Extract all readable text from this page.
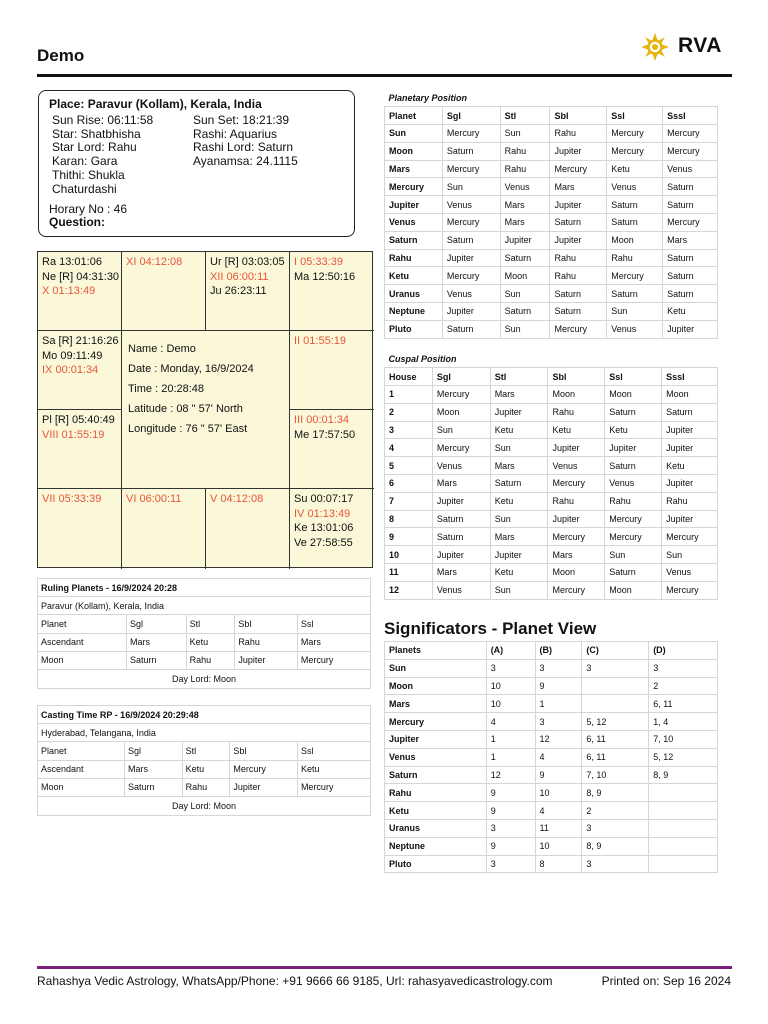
Demo	RVA
Place: Paravur (Kollam), Kerala, India
Sun Rise: 06:11:58
Star: Shatbhisha
Star Lord: Rahu
Karan: Gara
Thithi: Shukla
Chaturdashi
Sun Set: 18:21:39
Rashi: Aquarius
Rashi Lord: Saturn
Ayanamsa: 24.1115
Horary No : 46
Question:
Ra 13:01:06
Ne [R] 04:31:30
X 01:13:49
XI 04:12:08	Ur [R] 03:03:05
XII 06:00:11
Ju 26:23:11
I 05:33:39
Ma 12:50:16
Sa [R] 21:16:26
Mo 09:11:49
IX 00:01:34
II 01:55:19
Pl [R] 05:40:49
VIII 01:55:19
III 00:01:34
Me 17:57:50
VII 05:33:39 VI 06:00:11	V 04:12:08	Su 00:07:17
IV 01:13:49
Ke 13:01:06
Ve 27:58:55
Name : Demo
Date : Monday, 16/9/2024
Time : 20:28:48
Latitude : 08 " 57' North
Longitude : 76 " 57' East
Ruling Planets - 16/9/2024 20:28
Paravur (Kollam), Kerala, India
Planet	Sgl	Stl	Sbl	Ssl
Ascendant	Mars	Ketu	Rahu	Mars
Moon	Saturn	Rahu	Jupiter	Mercury
Day Lord: Moon
Casting Time RP - 16/9/2024 20:29:48
Hyderabad, Telangana, India
Planet	Sgl	Stl	Sbl	Ssl
Ascendant	Mars	Ketu	Mercury	Ketu
Moon	Saturn	Rahu	Jupiter	Mercury
Day Lord: Moon
Planetary Position					
Planet	Sgl	Stl	Sbl	Ssl	Sssl
Sun	Mercury	Sun	Rahu	Mercury	Mercury
Moon	Saturn	Rahu	Jupiter	Mercury	Mercury
Mars	Mercury	Rahu	Mercury	Ketu	Venus
Mercury	Sun	Venus	Mars	Venus	Saturn
Jupiter	Venus	Mars	Jupiter	Saturn	Saturn
Venus	Mercury	Mars	Saturn	Saturn	Mercury
Saturn	Saturn	Jupiter	Jupiter	Moon	Mars
Rahu	Jupiter	Saturn	Rahu	Rahu	Saturn
Ketu	Mercury	Moon	Rahu	Mercury	Saturn
Uranus	Venus	Sun	Saturn	Saturn	Saturn
Neptune	Jupiter	Saturn	Saturn	Sun	Ketu
Pluto	Saturn	Sun	Mercury	Venus	Jupiter
Cuspal Position					
House	Sgl	Stl	Sbl	Ssl	Sssl
1	Mercury	Mars	Moon	Moon	Moon
2	Moon	Jupiter	Rahu	Saturn	Saturn
3	Sun	Ketu	Ketu	Ketu	Jupiter
4	Mercury	Sun	Jupiter	Jupiter	Jupiter
5	Venus	Mars	Venus	Saturn	Ketu
6	Mars	Saturn	Mercury	Venus	Jupiter
7	Jupiter	Ketu	Rahu	Rahu	Rahu
8	Saturn	Sun	Jupiter	Mercury	Jupiter
9	Saturn	Mars	Mercury	Mercury	Mercury
10	Jupiter	Jupiter	Mars	Sun	Sun
11	Mars	Ketu	Moon	Saturn	Venus
12	Venus	Sun	Mercury	Moon	Mercury
Significators - Planet View
Planets	(A)	(B)	(C)	(D)
Sun	3	3	3	3
Moon	10	9		2
Mars	10	1		6, 11
Mercury	4	3	5, 12	1, 4
Jupiter	1	12	6, 11	7, 10
Venus	1	4	6, 11	5, 12
Saturn	12	9	7, 10	8, 9
Rahu	9	10	8, 9	
Ketu	9	4	2	
Uranus	3	11	3	
Neptune	9	10	8, 9	
Pluto	3	8	3	
Rahashya Vedic Astrology, WhatsApp/Phone: +91 9666 66 9185, Url: rahasyavedicastrology.com	Printed on: Sep 16 2024
